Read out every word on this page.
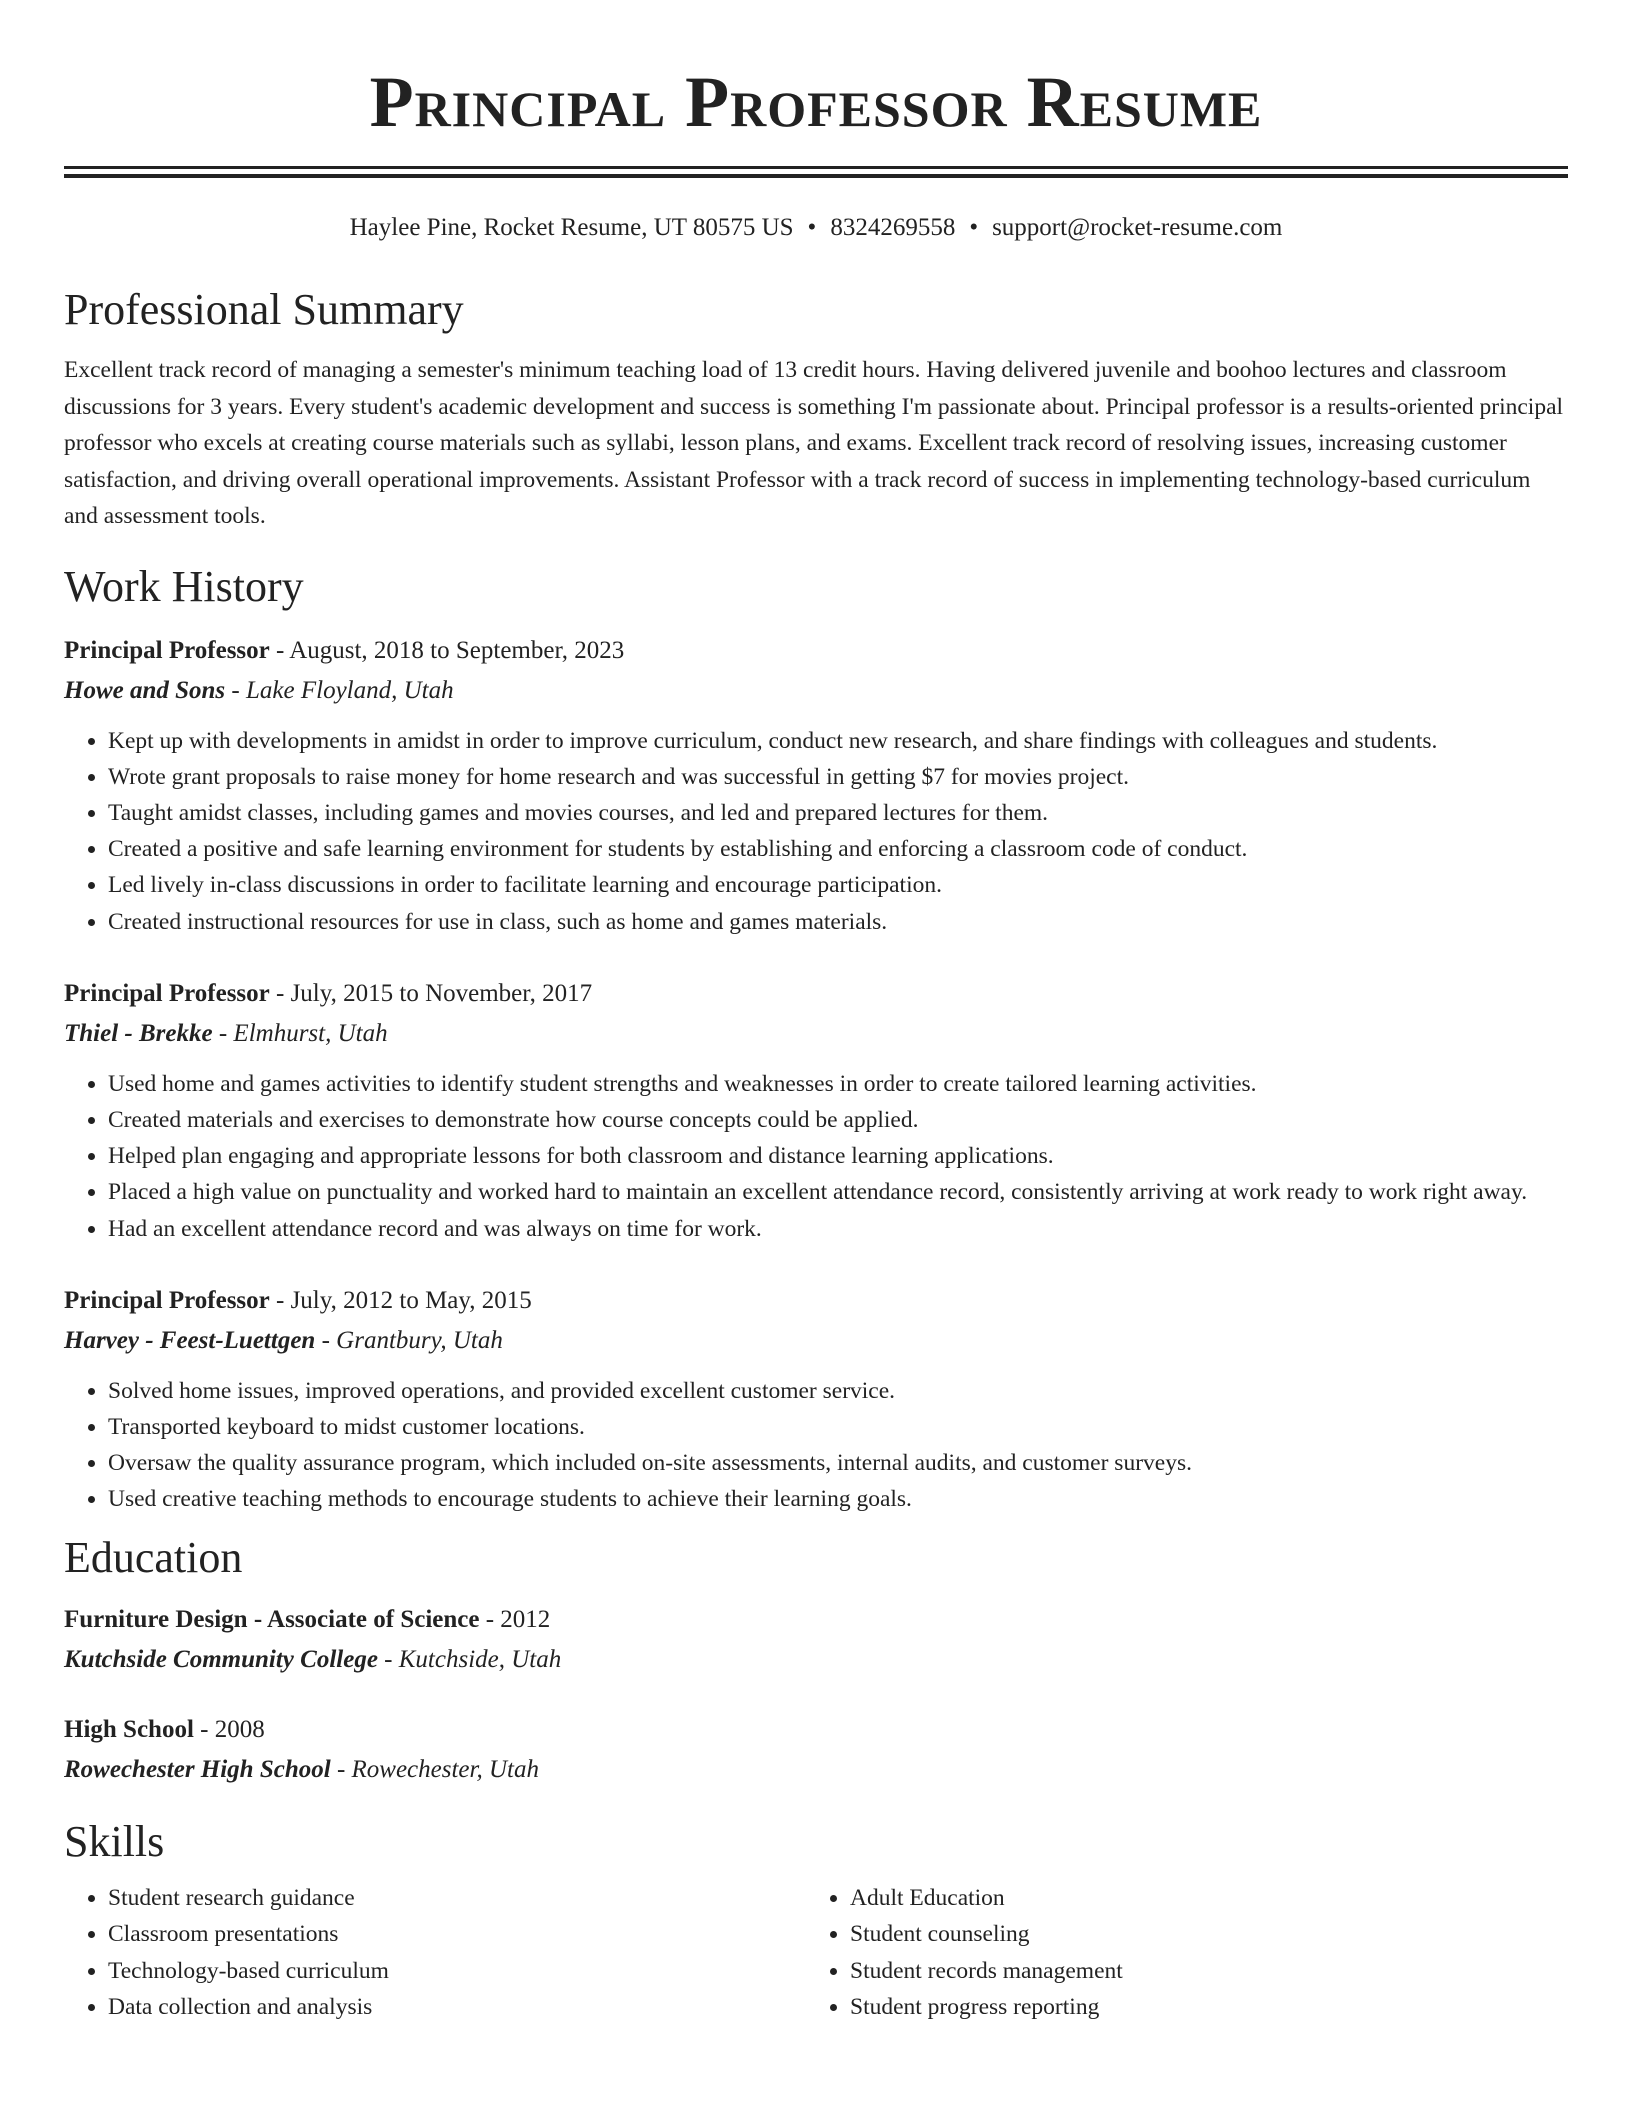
Principal Professor Resume
Haylee Pine, Rocket Resume, UT 80575 US • 8324269558 • support@rocket-resume.com
Professional Summary

Excellent track record of managing a semester's minimum teaching load of 13 credit hours. Having delivered juvenile and boohoo lectures and classroom discussions for 3 years. Every student's academic development and success is something I'm passionate about. Principal professor is a results-oriented principal professor who excels at creating course materials such as syllabi, lesson plans, and exams. Excellent track record of resolving issues, increasing customer satisfaction, and driving overall operational improvements. Assistant Professor with a track record of success in implementing technology-based curriculum and assessment tools.

Work History
Principal Professor - August, 2018 to September, 2023
Howe and Sons - Lake Floyland, Utah
• Kept up with developments in amidst in order to improve curriculum, conduct new research, and share findings with colleagues and students.
• Wrote grant proposals to raise money for home research and was successful in getting $7 for movies project.
• Taught amidst classes, including games and movies courses, and led and prepared lectures for them.
• Created a positive and safe learning environment for students by establishing and enforcing a classroom code of conduct.
• Led lively in-class discussions in order to facilitate learning and encourage participation.
• Created instructional resources for use in class, such as home and games materials.
Principal Professor - July, 2015 to November, 2017
Thiel - Brekke - Elmhurst, Utah
• Used home and games activities to identify student strengths and weaknesses in order to create tailored learning activities.
• Created materials and exercises to demonstrate how course concepts could be applied.
• Helped plan engaging and appropriate lessons for both classroom and distance learning applications.
• Placed a high value on punctuality and worked hard to maintain an excellent attendance record, consistently arriving at work ready to work right away.
• Had an excellent attendance record and was always on time for work.
Principal Professor - July, 2012 to May, 2015
Harvey - Feest-Luettgen - Grantbury, Utah
• Solved home issues, improved operations, and provided excellent customer service.
• Transported keyboard to midst customer locations.
• Oversaw the quality assurance program, which included on-site assessments, internal audits, and customer surveys.
• Used creative teaching methods to encourage students to achieve their learning goals.
Education
Furniture Design - Associate of Science - 2012
Kutchside Community College - Kutchside, Utah
High School - 2008
Rowechester High School - Rowechester, Utah
Skills
• Student research guidance
• Classroom presentations
• Technology-based curriculum
• Data collection and analysis
• Adult Education
• Student counseling
• Student records management
• Student progress reporting
